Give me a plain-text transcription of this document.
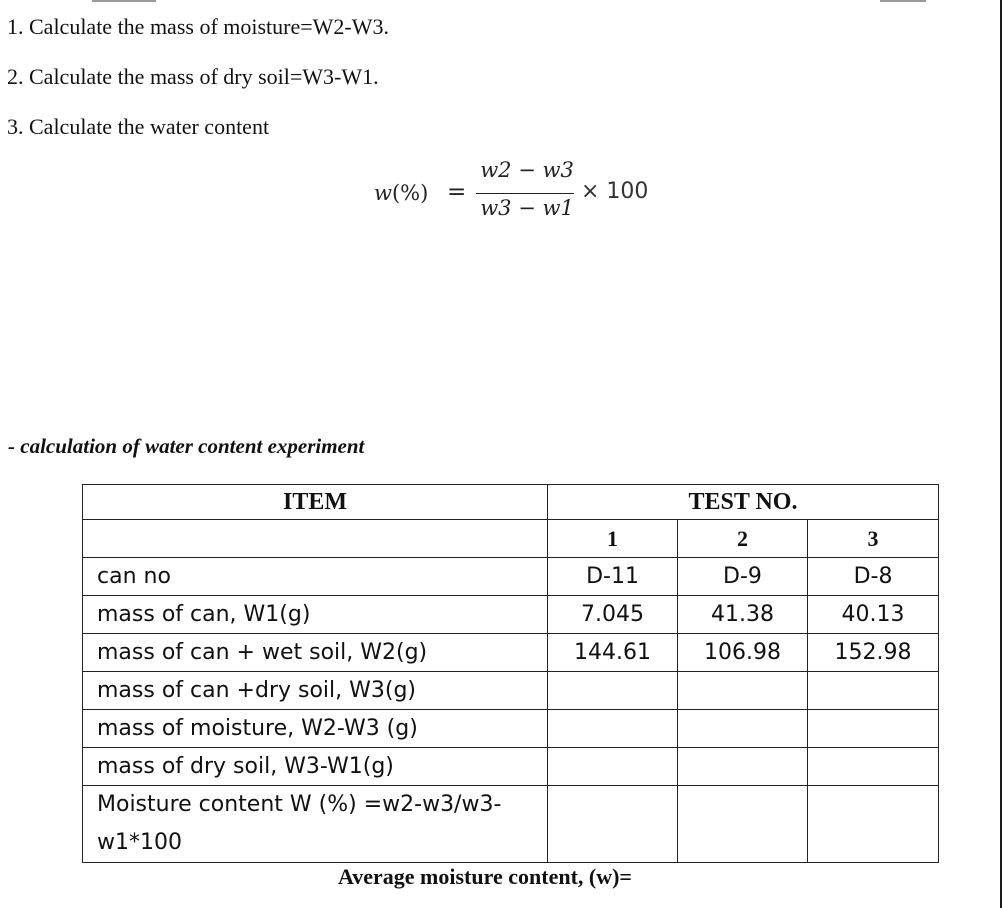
1. Calculate the mass of moisture=W2-W3.
2. Calculate the mass of dry soil=W3-W1.
3. Calculate the water content
w(%) =
w2 − w3
w3 − w1
× 100
- calculation of water content experiment
ITEM	TEST NO.		
	1	2	3
can no	D-11	D-9	D-8
mass of can, W1(g)	7.045	41.38	40.13
mass of can + wet soil, W2(g)	144.61	106.98	152.98
mass of can +dry soil, W3(g)			
mass of moisture, W2-W3 (g)			
mass of dry soil, W3-W1(g)			
Moisture content W (%) =w2-w3/w3-w1*100			
Average moisture content, (w)=
